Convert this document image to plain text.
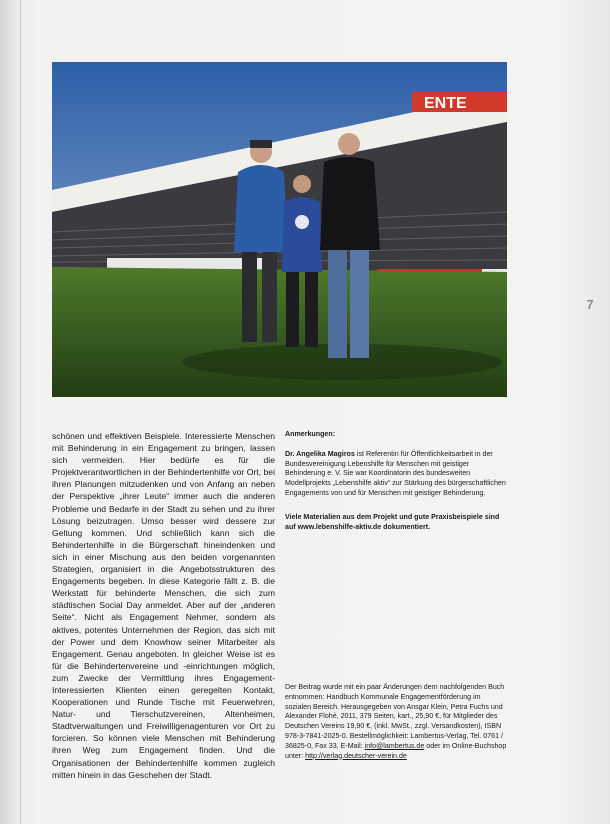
ENTE
7
schönen und effektiven Beispiele. Interessierte Menschen mit Behinderung in ein Engagement zu bringen, lassen sich vermeiden. Hier bedürfe es für die Projektverantwortlichen in der Behindertenhilfe vor Ort, bei ihren Planungen mitzudenken und von Anfang an neben der Perspektive „ihrer Leute“ immer auch die anderen Probleme und Bedarfe in der Stadt zu sehen und zu ihrer Lösung beizutragen. Umso besser wird dessere zur Geltung kommen. Und schließlich kann sich die Behindertenhilfe in die Bürgerschaft hineindenken und sich in einer Mischung aus den beiden vorgenannten Strategien, organisiert in die Angebotsstrukturen des Engagements begeben. In diese Kategorie fällt z. B. die Werkstatt für behinderte Menschen, die sich zum städtischen Social Day anmeldet. Aber auf der „anderen Seite“. Nicht als Engagement Nehmer, sondern als aktives, potentes Unternehmen der Region, das sich mit der Power und dem Knowhow seiner Mitarbeiter als Engagement. Genau angeboten. In gleicher Weise ist es für die Behindertenvereine und -einrichtungen möglich, zum Zwecke der Vermittlung ihres Engagement-Interessierten Klienten einen geregelten Kontakt, Kooperationen und Runde Tische mit Feuerwehren, Natur- und Tierschutzvereinen, Altenheimen, Stadtverwaltungen und Freiwilligenagenturen vor Ort zu forcieren. So können viele Menschen mit Behinderung ihren Weg zum Engagement finden. Und die Organisationen der Behindertenhilfe kommen zugleich mitten hinein in das Geschehen der Stadt.

Anmerkungen:

Dr. Angelika Magiros ist Referentin für Öffentlichkeitsarbeit in der Bundesvereinigung Lebenshilfe für Menschen mit geistiger Behinderung e. V. Sie war Koordinatorin des bundesweiten Modellprojekts „Lebenshilfe aktiv“ zur Stärkung des bürgerschaftlichen Engagements von und für Menschen mit geistiger Behinderung.

Viele Materialien aus dem Projekt und gute Praxisbeispiele sind auf www.lebenshilfe-aktiv.de dokumentiert.

Der Beitrag wurde mit ein paar Änderungen dem nachfolgenden Buch entnommen: Handbuch Kommunale Engagementförderung im sozialen Bereich. Herausgegeben von Ansgar Klein, Petra Fuchs und Alexander Flohé, 2011, 379 Seiten, kart., 25,90 €, für Mitglieder des Deutschen Vereins 19,90 €, (inkl. MwSt., zzgl. Versandkosten), ISBN 978-3-7841-2025-0. Bestellmöglichkeit: Lambertus-Verlag, Tel. 0761 / 36825-0, Fax 33, E-Mail: info@lambertus.de oder im Online-Buchshop unter: http://verlag.deutscher-verein.de
